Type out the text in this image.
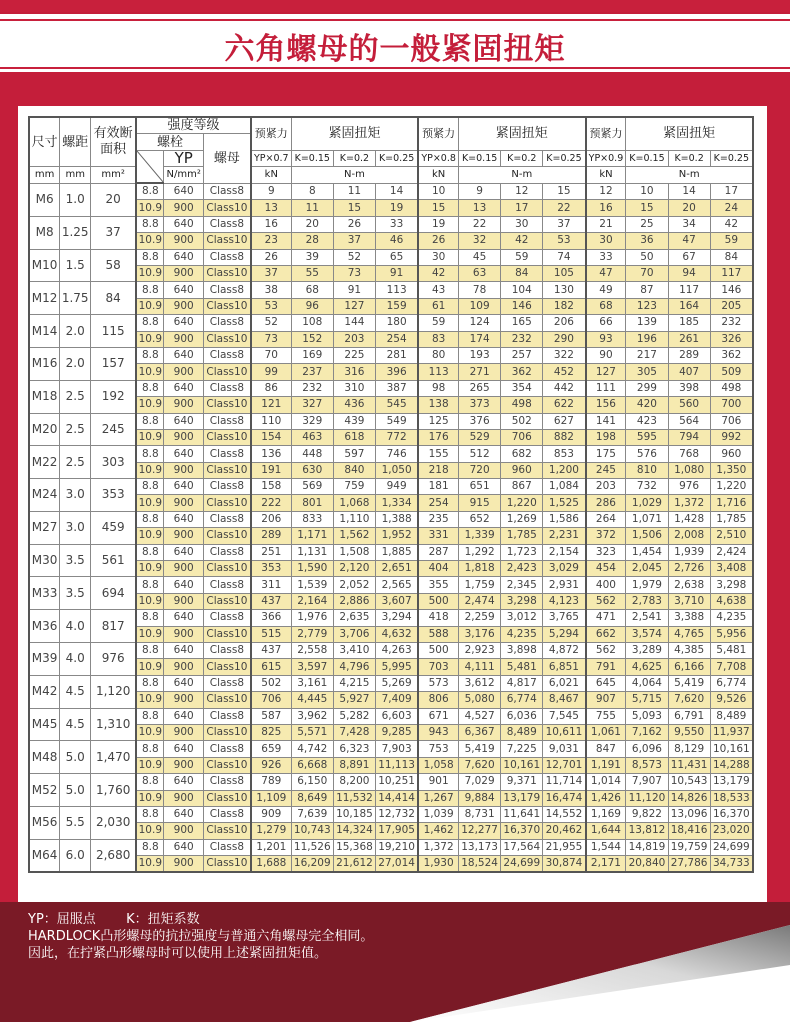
六角螺母的一般紧固扭矩
尺寸	螺距	有效断面积	强度等级			预紧力	紧固扭矩			预紧力	紧固扭矩			预紧力	紧固扭矩		
			螺栓		螺母												

	YP		YP×0.7	K=0.15	K=0.2	K=0.25	YP×0.8	K=0.15	K=0.2	K=0.25	YP×0.9	K=0.15	K=0.2	K=0.25
mm	mm	mm²		N/mm²		kN	N-m			kN	N-m			kN	N-m		
M6	1.0	20	8.8	640	Class8	9	8	11	14	10	9	12	15	12	10	14	17
			10.9	900	Class10	13	11	15	19	15	13	17	22	16	15	20	24
M8	1.25	37	8.8	640	Class8	16	20	26	33	19	22	30	37	21	25	34	42
			10.9	900	Class10	23	28	37	46	26	32	42	53	30	36	47	59
M10	1.5	58	8.8	640	Class8	26	39	52	65	30	45	59	74	33	50	67	84
			10.9	900	Class10	37	55	73	91	42	63	84	105	47	70	94	117
M12	1.75	84	8.8	640	Class8	38	68	91	113	43	78	104	130	49	87	117	146
			10.9	900	Class10	53	96	127	159	61	109	146	182	68	123	164	205
M14	2.0	115	8.8	640	Class8	52	108	144	180	59	124	165	206	66	139	185	232
			10.9	900	Class10	73	152	203	254	83	174	232	290	93	196	261	326
M16	2.0	157	8.8	640	Class8	70	169	225	281	80	193	257	322	90	217	289	362
			10.9	900	Class10	99	237	316	396	113	271	362	452	127	305	407	509
M18	2.5	192	8.8	640	Class8	86	232	310	387	98	265	354	442	111	299	398	498
			10.9	900	Class10	121	327	436	545	138	373	498	622	156	420	560	700
M20	2.5	245	8.8	640	Class8	110	329	439	549	125	376	502	627	141	423	564	706
			10.9	900	Class10	154	463	618	772	176	529	706	882	198	595	794	992
M22	2.5	303	8.8	640	Class8	136	448	597	746	155	512	682	853	175	576	768	960
			10.9	900	Class10	191	630	840	1,050	218	720	960	1,200	245	810	1,080	1,350
M24	3.0	353	8.8	640	Class8	158	569	759	949	181	651	867	1,084	203	732	976	1,220
			10.9	900	Class10	222	801	1,068	1,334	254	915	1,220	1,525	286	1,029	1,372	1,716
M27	3.0	459	8.8	640	Class8	206	833	1,110	1,388	235	652	1,269	1,586	264	1,071	1,428	1,785
			10.9	900	Class10	289	1,171	1,562	1,952	331	1,339	1,785	2,231	372	1,506	2,008	2,510
M30	3.5	561	8.8	640	Class8	251	1,131	1,508	1,885	287	1,292	1,723	2,154	323	1,454	1,939	2,424
			10.9	900	Class10	353	1,590	2,120	2,651	404	1,818	2,423	3,029	454	2,045	2,726	3,408
M33	3.5	694	8.8	640	Class8	311	1,539	2,052	2,565	355	1,759	2,345	2,931	400	1,979	2,638	3,298
			10.9	900	Class10	437	2,164	2,886	3,607	500	2,474	3,298	4,123	562	2,783	3,710	4,638
M36	4.0	817	8.8	640	Class8	366	1,976	2,635	3,294	418	2,259	3,012	3,765	471	2,541	3,388	4,235
			10.9	900	Class10	515	2,779	3,706	4,632	588	3,176	4,235	5,294	662	3,574	4,765	5,956
M39	4.0	976	8.8	640	Class8	437	2,558	3,410	4,263	500	2,923	3,898	4,872	562	3,289	4,385	5,481
			10.9	900	Class10	615	3,597	4,796	5,995	703	4,111	5,481	6,851	791	4,625	6,166	7,708
M42	4.5	1,120	8.8	640	Class8	502	3,161	4,215	5,269	573	3,612	4,817	6,021	645	4,064	5,419	6,774
			10.9	900	Class10	706	4,445	5,927	7,409	806	5,080	6,774	8,467	907	5,715	7,620	9,526
M45	4.5	1,310	8.8	640	Class8	587	3,962	5,282	6,603	671	4,527	6,036	7,545	755	5,093	6,791	8,489
			10.9	900	Class10	825	5,571	7,428	9,285	943	6,367	8,489	10,611	1,061	7,162	9,550	11,937
M48	5.0	1,470	8.8	640	Class8	659	4,742	6,323	7,903	753	5,419	7,225	9,031	847	6,096	8,129	10,161
			10.9	900	Class10	926	6,668	8,891	11,113	1,058	7,620	10,161	12,701	1,191	8,573	11,431	14,288
M52	5.0	1,760	8.8	640	Class8	789	6,150	8,200	10,251	901	7,029	9,371	11,714	1,014	7,907	10,543	13,179
			10.9	900	Class10	1,109	8,649	11,532	14,414	1,267	9,884	13,179	16,474	1,426	11,120	14,826	18,533
M56	5.5	2,030	8.8	640	Class8	909	7,639	10,185	12,732	1,039	8,731	11,641	14,552	1,169	9,822	13,096	16,370
			10.9	900	Class10	1,279	10,743	14,324	17,905	1,462	12,277	16,370	20,462	1,644	13,812	18,416	23,020
M64	6.0	2,680	8.8	640	Class8	1,201	11,526	15,368	19,210	1,372	13,173	17,564	21,955	1,544	14,819	19,759	24,699
			10.9	900	Class10	1,688	16,209	21,612	27,014	1,930	18,524	24,699	30,874	2,171	20,840	27,786	34,733
YP：屈服点 K：扭矩系数
HARDLOCK凸形螺母的抗拉强度与普通六角螺母完全相同。
因此，在拧紧凸形螺母时可以使用上述紧固扭矩值。
